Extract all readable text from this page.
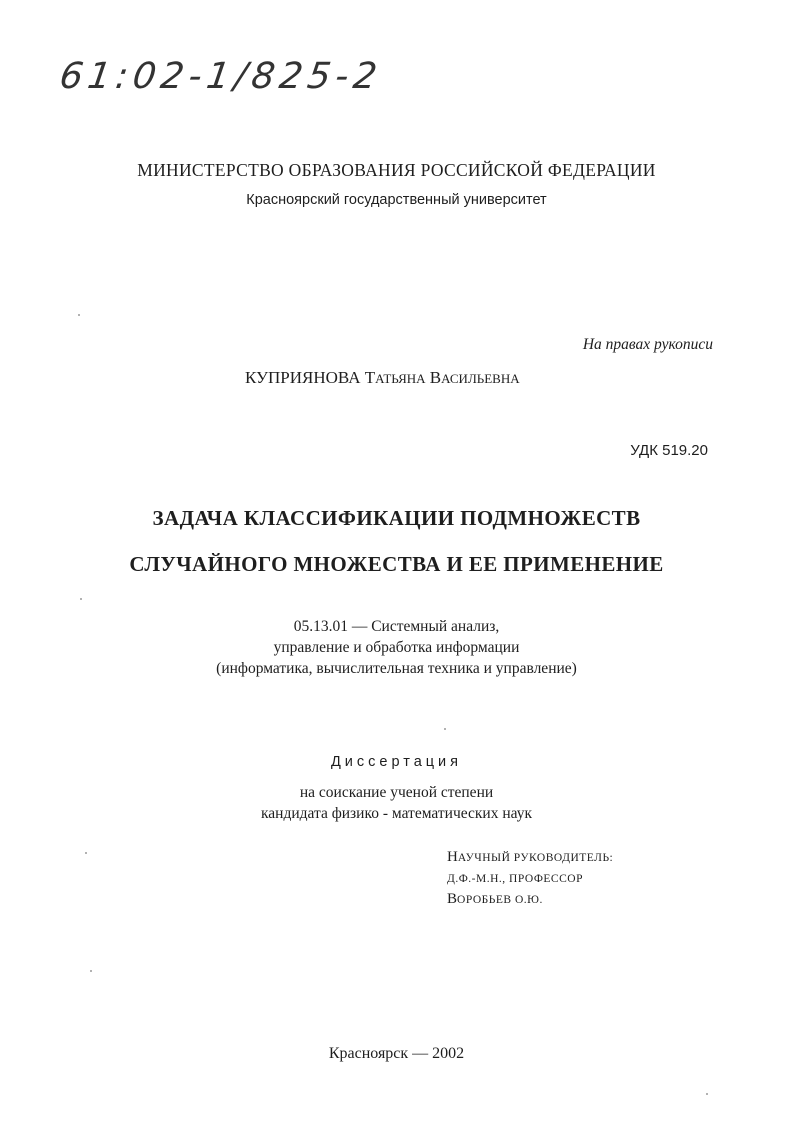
61:02-1/825-2
МИНИСТЕРСТВО ОБРАЗОВАНИЯ РОССИЙСКОЙ ФЕДЕРАЦИИ
Красноярский государственный университет
На правах рукописи
КУПРИЯНОВА ТАТЬЯНА ВАСИЛЬЕВНА
УДК 519.20
ЗАДАЧА КЛАССИФИКАЦИИ ПОДМНОЖЕСТВ
СЛУЧАЙНОГО МНОЖЕСТВА И ЕЕ ПРИМЕНЕНИЕ
05.13.01 — Системный анализ,
управление и обработка информации
(информатика, вычислительная техника и управление)
Диссертация
на соискание ученой степени
кандидата физико - математических наук
НАУЧНЫЙ РУКОВОДИТЕЛЬ:
Д.Ф.-М.Н., ПРОФЕССОР
ВОРОБЬЕВ О.Ю.
Красноярск — 2002
